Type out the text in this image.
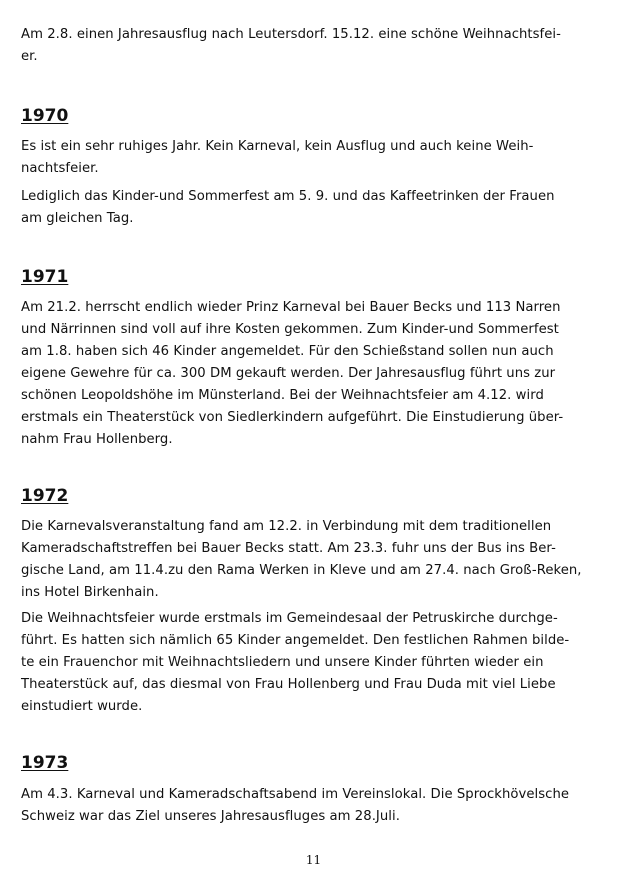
Am 2.8. einen Jahresausflug nach Leutersdorf. 15.12. eine schöne Weihnachtsfei-
er.

1970

Es ist ein sehr ruhiges Jahr. Kein Karneval, kein Ausflug und auch keine Weih-
nachtsfeier.

Lediglich das Kinder-und Sommerfest am 5. 9. und das Kaffeetrinken der Frauen
am gleichen Tag.

1971

Am 21.2. herrscht endlich wieder Prinz Karneval bei Bauer Becks und 113 Narren
und Närrinnen sind voll auf ihre Kosten gekommen. Zum Kinder-und Sommerfest
am 1.8. haben sich 46 Kinder angemeldet. Für den Schießstand sollen nun auch
eigene Gewehre für ca. 300 DM gekauft werden. Der Jahresausflug führt uns zur
schönen Leopoldshöhe im Münsterland. Bei der Weihnachtsfeier am 4.12. wird
erstmals ein Theaterstück von Siedlerkindern aufgeführt. Die Einstudierung über-
nahm Frau Hollenberg.

1972

Die Karnevalsveranstaltung fand am 12.2. in Verbindung mit dem traditionellen
Kameradschaftstreffen bei Bauer Becks statt. Am 23.3. fuhr uns der Bus ins Ber-
gische Land, am 11.4.zu den Rama Werken in Kleve und am 27.4. nach Groß-Reken,
ins Hotel Birkenhain.

Die Weihnachtsfeier wurde erstmals im Gemeindesaal der Petruskirche durchge-
führt. Es hatten sich nämlich 65 Kinder angemeldet. Den festlichen Rahmen bilde-
te ein Frauenchor mit Weihnachtsliedern und unsere Kinder führten wieder ein
Theaterstück auf, das diesmal von Frau Hollenberg und Frau Duda mit viel Liebe
einstudiert wurde.

1973

Am 4.3. Karneval und Kameradschaftsabend im Vereinslokal. Die Sprockhövelsche
Schweiz war das Ziel unseres Jahresausfluges am 28.Juli.

11
